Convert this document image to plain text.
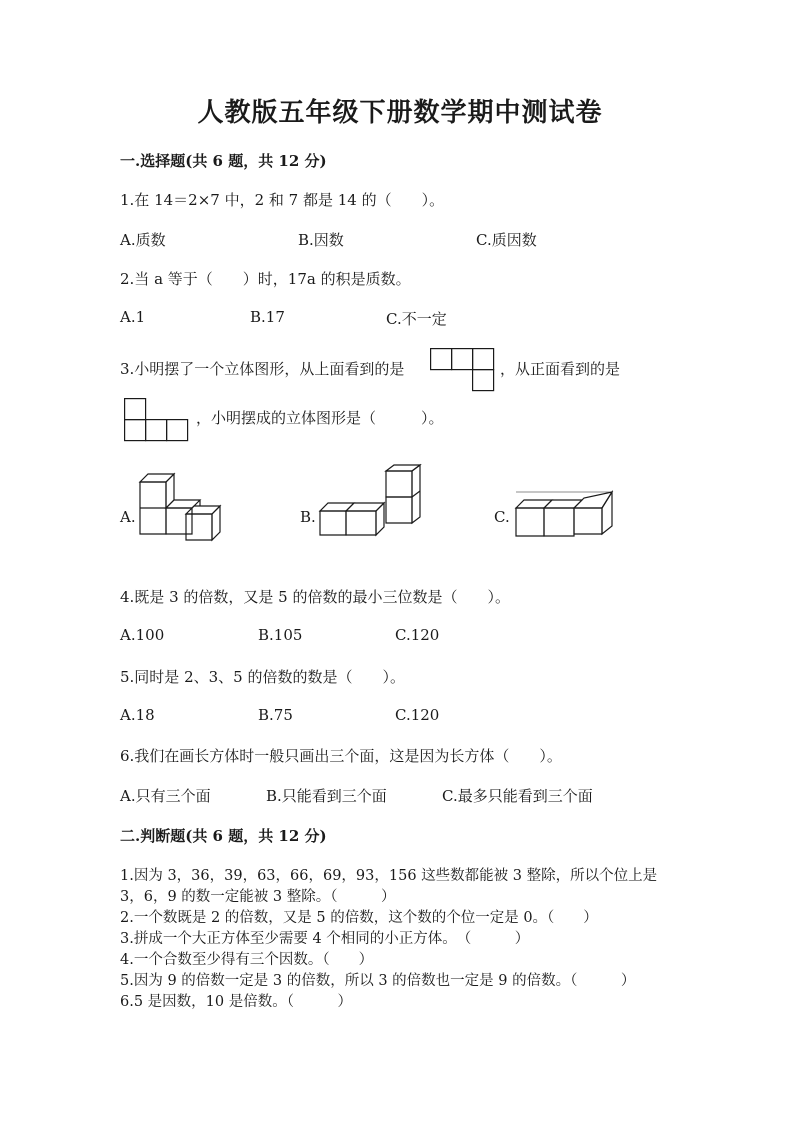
人教版五年级下册数学期中测试卷
一.选择题(共 6 题，共 12 分)
1.在 14＝2×7 中，2 和 7 都是 14 的（　　）。
A.质数	B.因数	C.质因数
2.当 a 等于（　　）时，17a 的积是质数。
A.1	B.17	C.不一定
3.小明摆了一个立体图形，从上面看到的是	，从正面看到的是
，小明摆成的立体图形是（　　　）。
A.	B.	C.
4.既是 3 的倍数，又是 5 的倍数的最小三位数是（　　）。
A.100	B.105	C.120
5.同时是 2、3、5 的倍数的数是（　　）。
A.18	B.75	C.120
6.我们在画长方体时一般只画出三个面，这是因为长方体（　　）。
A.只有三个面	B.只能看到三个面	C.最多只能看到三个面
二.判断题(共 6 题，共 12 分)
1.因为 3，36，39，63，66，69，93，156 这些数都能被 3 整除，所以个位上是
3，6，9 的数一定能被 3 整除。（　　　）
2.一个数既是 2 的倍数，又是 5 的倍数，这个数的个位一定是 0。（　　）
3.拼成一个大正方体至少需要 4 个相同的小正方体。　（　　　）
4.一个合数至少得有三个因数。（　　）
5.因为 9 的倍数一定是 3 的倍数，所以 3 的倍数也一定是 9 的倍数。（　　　）
6.5 是因数，10 是倍数。（　　　）
